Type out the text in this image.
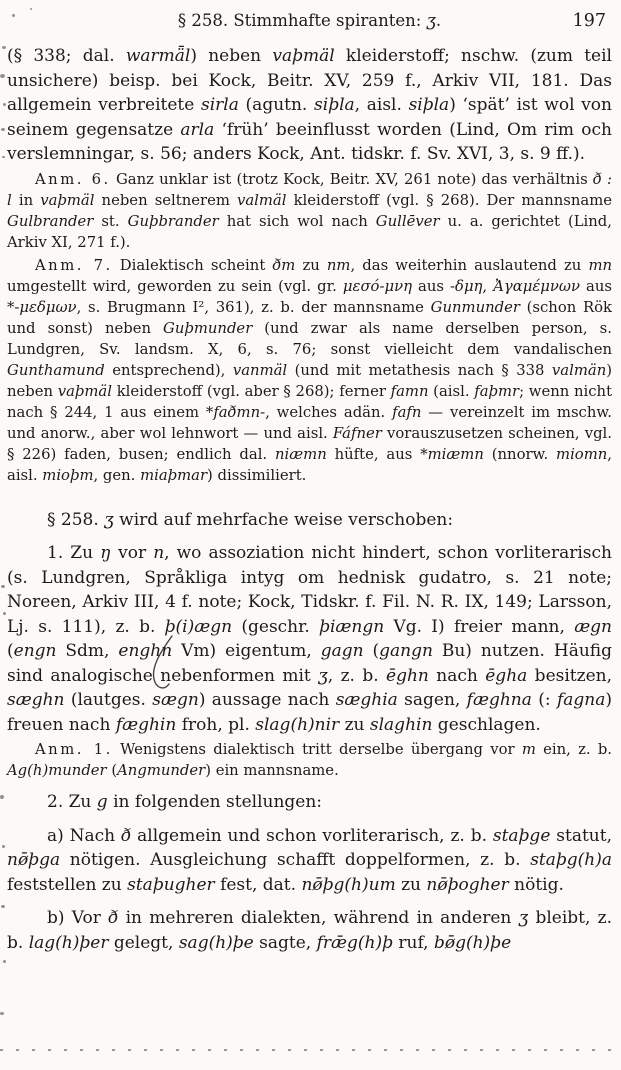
§ 258. Stimmhafte spiranten: ʒ.	197

(§ 338; dal. warmǟl) neben vaþmäl kleiderstoff; nschw. (zum teil unsichere) beisp. bei Kock, Beitr. XV, 259 f., Arkiv VII, 181. Das allgemein verbreitete sirla (agutn. siþla, aisl. siþla) ‘spät’ ist wol von seinem gegensatze arla ‘früh’ beeinflusst worden (Lind, Om rim och verslemningar, s. 56; anders Kock, Ant. tidskr. f. Sv. XVI, 3, s. 9 ff.).

Anm. 6. Ganz unklar ist (trotz Kock, Beitr. XV, 261 note) das verhältnis ð : l in vaþmäl neben seltnerem valmäl kleiderstoff (vgl. § 268). Der mannsname Gulbrander st. Guþbrander hat sich wol nach Gullēver u. a. gerichtet (Lind, Arkiv XI, 271 f.).

Anm. 7. Dialektisch scheint ðm zu nm, das weiterhin auslautend zu mn umgestellt wird, geworden zu sein (vgl. gr. μεσό-μνη aus -δμη, Ἀγαμέμνων aus *-μεδμων, s. Brugmann I², 361), z. b. der mannsname Gunmunder (schon Rök und sonst) neben Guþmunder (und zwar als name derselben person, s. Lundgren, Sv. landsm. X, 6, s. 76; sonst vielleicht dem vandalischen Gunthamund entsprechend), vanmäl (und mit metathesis nach § 338 valmän) neben vaþmäl kleiderstoff (vgl. aber § 268); ferner famn (aisl. faþmr; wenn nicht nach § 244, 1 aus einem *faðmn-, welches adän. fafn — vereinzelt im mschw. und anorw., aber wol lehnwort — und aisl. Fáfner vorauszusetzen scheinen, vgl. § 226) faden, busen; endlich dal. niæmn hüfte, aus *miæmn (nnorw. miomn, aisl. mioþm, gen. miaþmar) dissimiliert.

§ 258. ʒ wird auf mehrfache weise verschoben:

1. Zu ŋ vor n, wo assoziation nicht hindert, schon vorliterarisch (s. Lundgren, Språkliga intyg om hednisk gudatro, s. 21 note; Noreen, Arkiv III, 4 f. note; Kock, Tidskr. f. Fil. N. R. IX, 149; Larsson, Lj. s. 111), z. b. þ(i)ægn (geschr. þiængn Vg. I) freier mann, ægn (engn Sdm, enghn Vm) eigentum, gagn (gangn Bu) nutzen. Häufig sind analogische nebenformen mit ʒ, z. b. ēghn nach ēgha besitzen, sæghn (lautges. sægn) aussage nach sæghia sagen, fæghna (: fagna) freuen nach fæghin froh, pl. slag(h)nir zu slaghin geschlagen.

Anm. 1. Wenigstens dialektisch tritt derselbe übergang vor m ein, z. b. Ag(h)munder (Angmunder) ein mannsname.

2. Zu g in folgenden stellungen:

a) Nach ð allgemein und schon vorliterarisch, z. b. staþge statut, nø̄þga nötigen. Ausgleichung schafft doppelformen, z. b. staþg(h)a feststellen zu staþugher fest, dat. nø̄þg(h)um zu nø̄þogher nötig.

b) Vor ð in mehreren dialekten, während in anderen ʒ bleibt, z. b. lag(h)þer gelegt, sag(h)þe sagte, frǣg(h)þ ruf, bø̄g(h)þe
